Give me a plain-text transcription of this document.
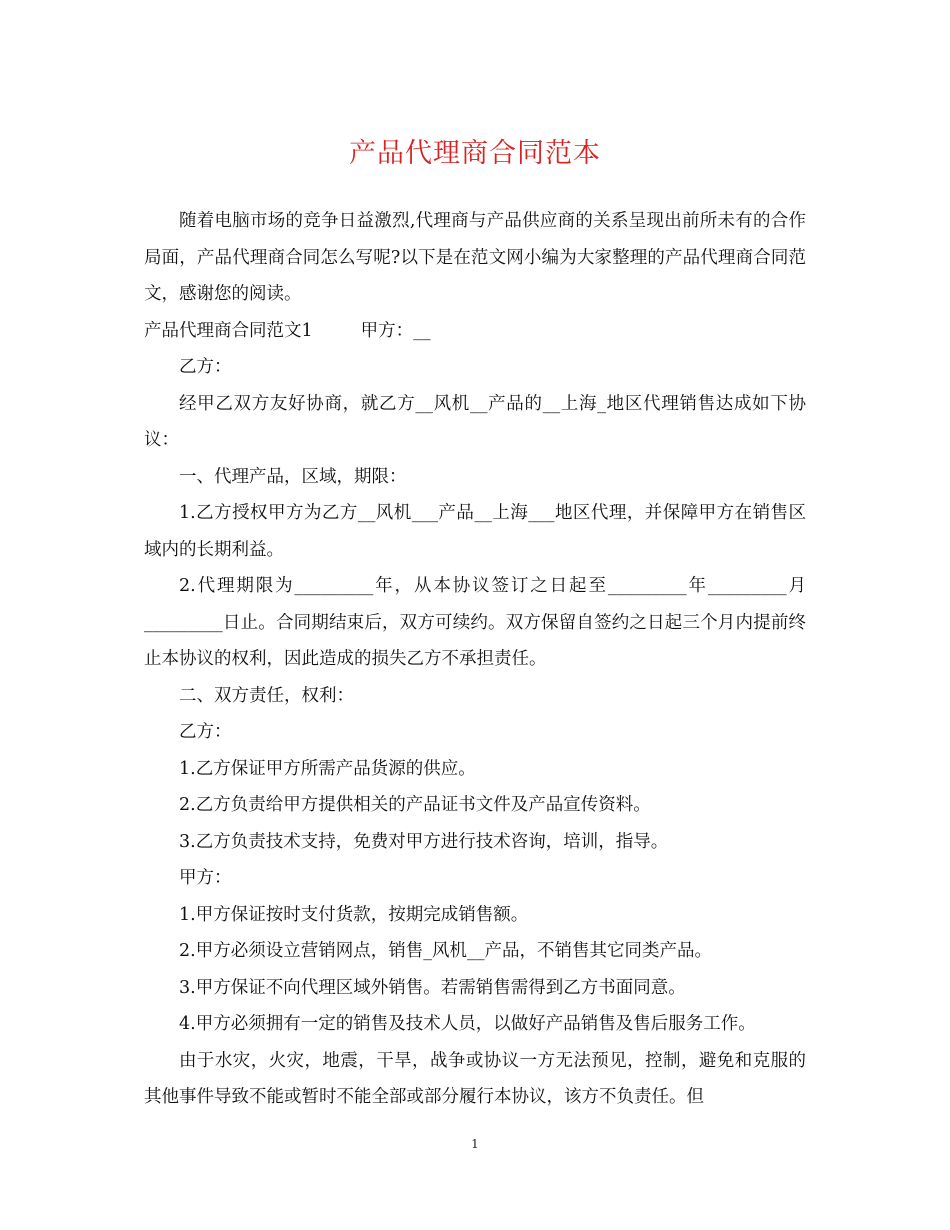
产品代理商合同范本

随着电脑市场的竞争日益激烈,代理商与产品供应商的关系呈现出前所未有的合作局面，产品代理商合同怎么写呢?以下是在范文网小编为大家整理的产品代理商合同范文，感谢您的阅读。

产品代理商合同范文1	甲方：__

乙方：

经甲乙双方友好协商，就乙方__风机__产品的__上海_地区代理销售达成如下协议：

一、代理产品，区域，期限：

1.乙方授权甲方为乙方__风机___产品__上海___地区代理，并保障甲方在销售区域内的长期利益。

2.代理期限为_________年，从本协议签订之日起至_________年_________月_________日止。合同期结束后，双方可续约。双方保留自签约之日起三个月内提前终止本协议的权利，因此造成的损失乙方不承担责任。

二、双方责任，权利：

乙方：

1.乙方保证甲方所需产品货源的供应。

2.乙方负责给甲方提供相关的产品证书文件及产品宣传资料。

3.乙方负责技术支持，免费对甲方进行技术咨询，培训，指导。

甲方：

1.甲方保证按时支付货款，按期完成销售额。

2.甲方必须设立营销网点，销售_风机__产品，不销售其它同类产品。

3.甲方保证不向代理区域外销售。若需销售需得到乙方书面同意。

4.甲方必须拥有一定的销售及技术人员，以做好产品销售及售后服务工作。

由于水灾，火灾，地震，干旱，战争或协议一方无法预见，控制，避免和克服的其他事件导致不能或暂时不能全部或部分履行本协议，该方不负责任。但

1
